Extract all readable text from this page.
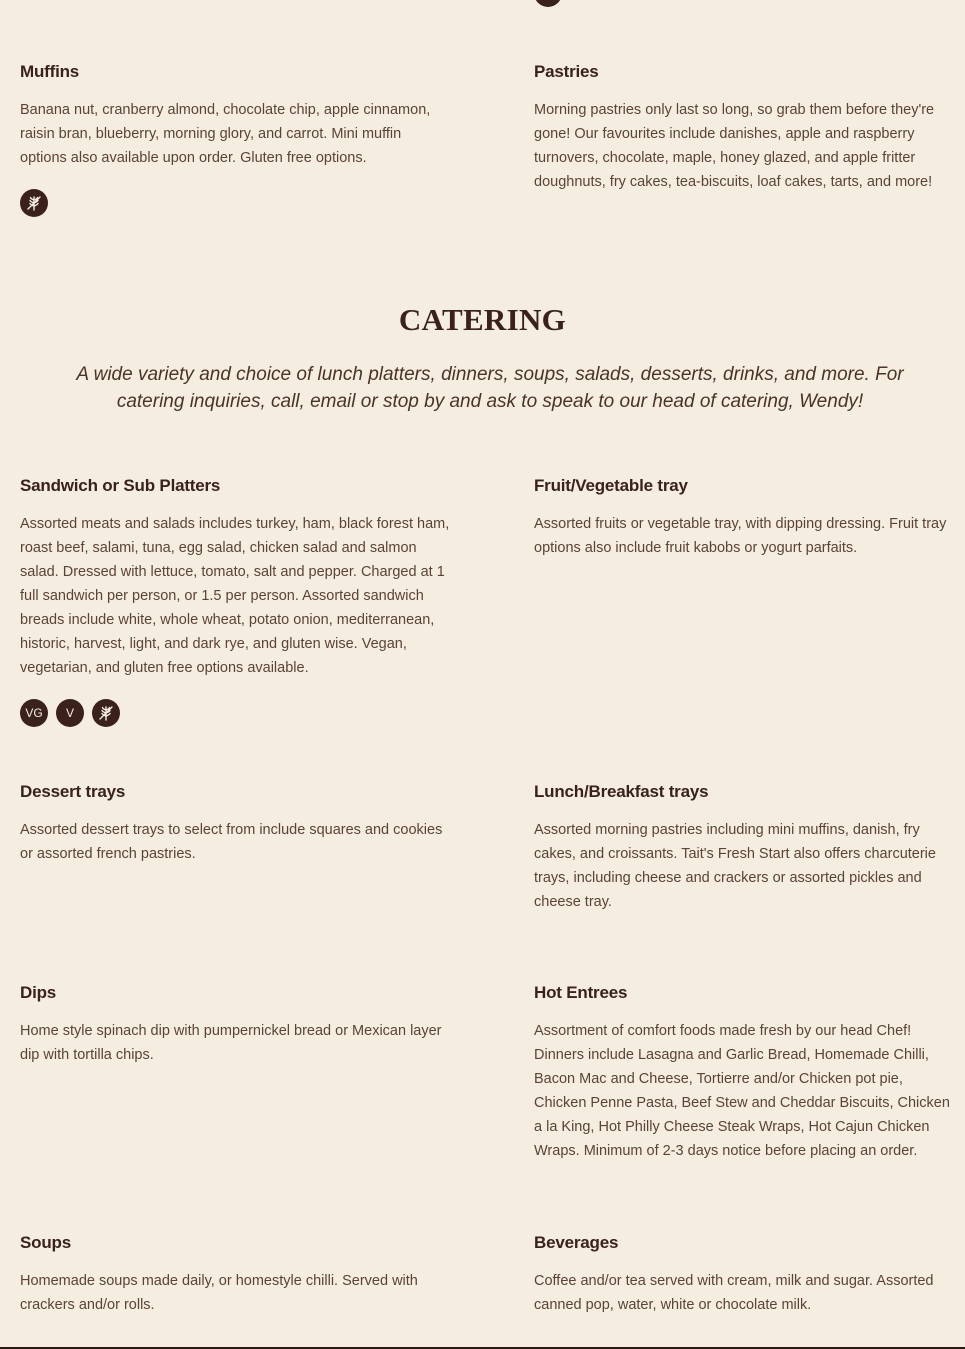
Muffins

Banana nut, cranberry almond, chocolate chip, apple cinnamon, raisin bran, blueberry, morning glory, and carrot. Mini muffin options also available upon order. Gluten free options.

Pastries

Morning pastries only last so long, so grab them before they're gone! Our favourites include danishes, apple and raspberry turnovers, chocolate, maple, honey glazed, and apple fritter doughnuts, fry cakes, tea-biscuits, loaf cakes, tarts, and more!

CATERING

A wide variety and choice of lunch platters, dinners, soups, salads, desserts, drinks, and more. For catering inquiries, call, email or stop by and ask to speak to our head of catering, Wendy!

Sandwich or Sub Platters

Assorted meats and salads includes turkey, ham, black forest ham, roast beef, salami, tuna, egg salad, chicken salad and salmon salad. Dressed with lettuce, tomato, salt and pepper. Charged at 1 full sandwich per person, or 1.5 per person. Assorted sandwich breads include white, whole wheat, potato onion, mediterranean, historic, harvest, light, and dark rye, and gluten wise. Vegan, vegetarian, and gluten free options available.

VG	V
Fruit/Vegetable tray

Assorted fruits or vegetable tray, with dipping dressing. Fruit tray options also include fruit kabobs or yogurt parfaits.

Dessert trays

Assorted dessert trays to select from include squares and cookies or assorted french pastries.

Lunch/Breakfast trays

Assorted morning pastries including mini muffins, danish, fry cakes, and croissants. Tait's Fresh Start also offers charcuterie trays, including cheese and crackers or assorted pickles and cheese tray.

Dips

Home style spinach dip with pumpernickel bread or Mexican layer dip with tortilla chips.

Hot Entrees

Assortment of comfort foods made fresh by our head Chef! Dinners include Lasagna and Garlic Bread, Homemade Chilli, Bacon Mac and Cheese, Tortierre and/or Chicken pot pie, Chicken Penne Pasta, Beef Stew and Cheddar Biscuits, Chicken a la King, Hot Philly Cheese Steak Wraps, Hot Cajun Chicken Wraps. Minimum of 2-3 days notice before placing an order.

Soups

Homemade soups made daily, or homestyle chilli. Served with crackers and/or rolls.

Beverages

Coffee and/or tea served with cream, milk and sugar. Assorted canned pop, water, white or chocolate milk.
